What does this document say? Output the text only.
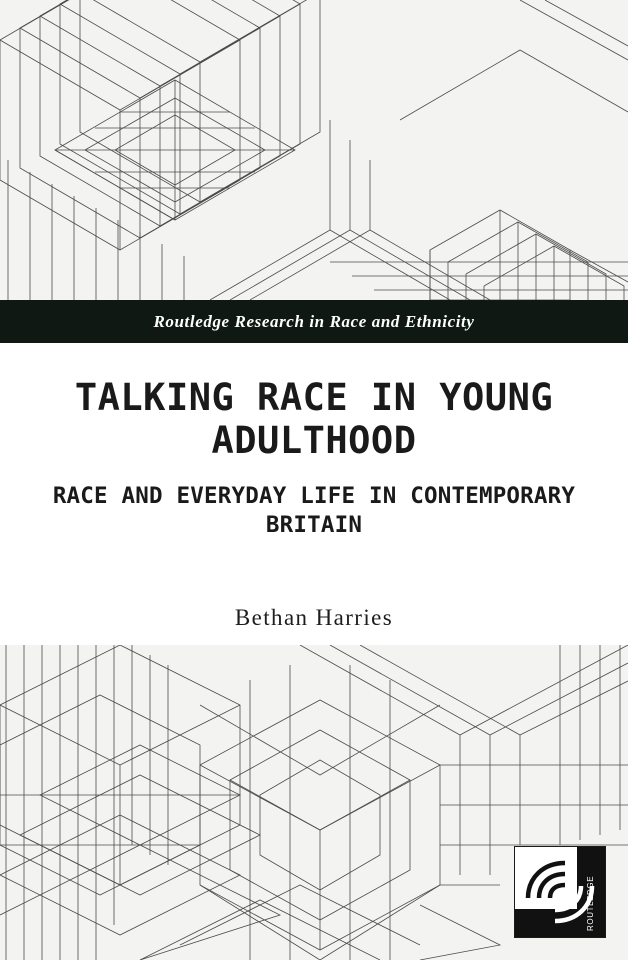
Routledge Research in Race and Ethnicity
TALKING RACE IN YOUNG ADULTHOOD
RACE AND EVERYDAY LIFE IN CONTEMPORARY BRITAIN

Bethan Harries

ROUTLEDGE
